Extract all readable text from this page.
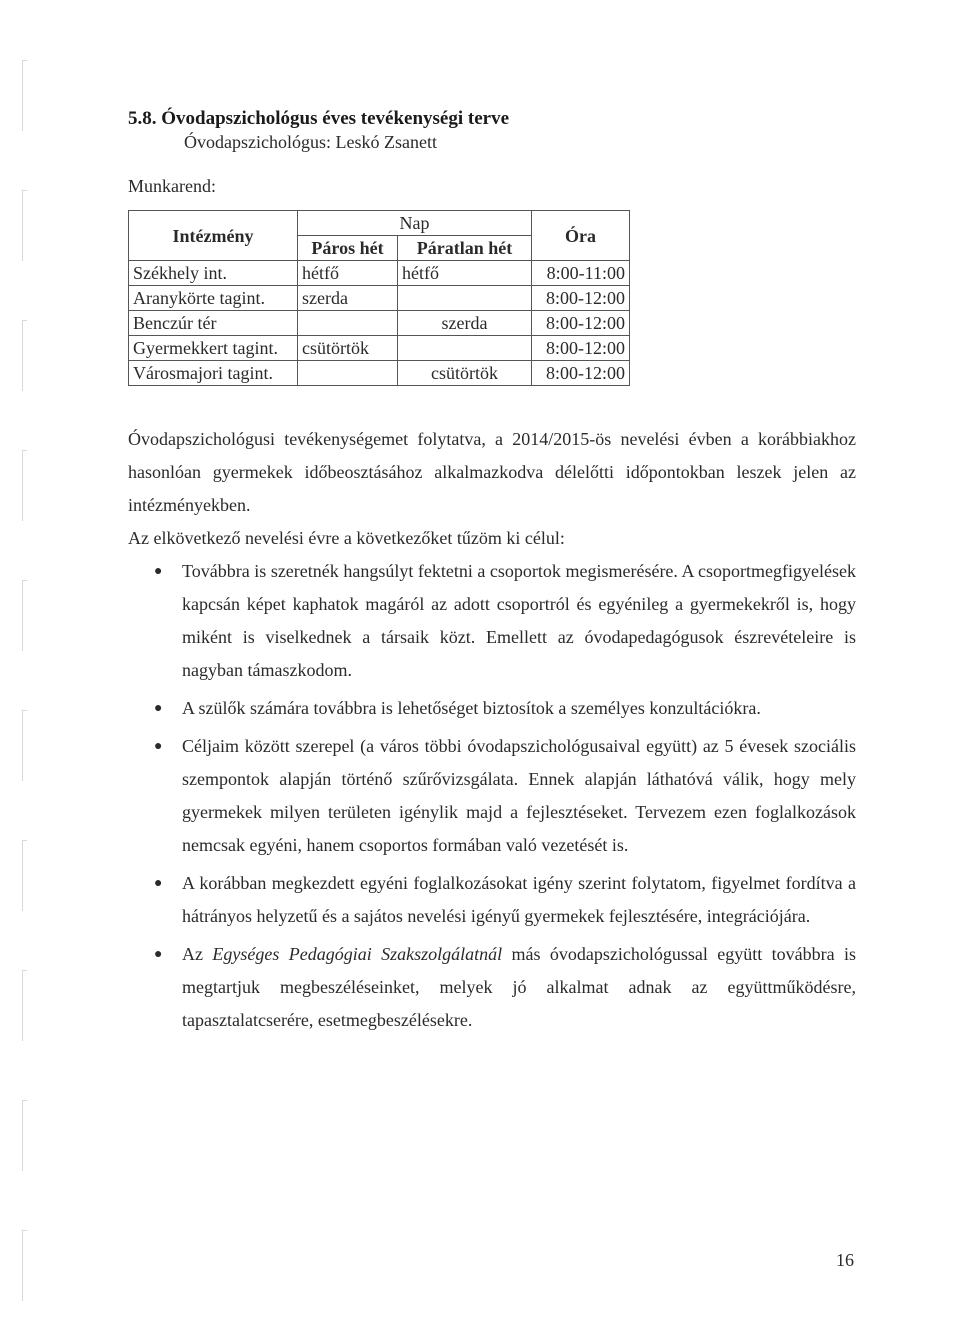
5.8. Óvodapszichológus éves tevékenységi terve
Óvodapszichológus: Leskó Zsanett
Munkarend:
Intézmény	Nap		Óra
	Páros hét	Páratlan hét	
Székhely int.	hétfő	hétfő	8:00-11:00
Aranykörte tagint.	szerda		8:00-12:00
Benczúr tér		szerda	8:00-12:00
Gyermekkert tagint.	csütörtök		8:00-12:00
Városmajori tagint.		csütörtök	8:00-12:00
Óvodapszichológusi tevékenységemet folytatva, a 2014/2015-ös nevelési évben a korábbiakhoz hasonlóan gyermekek időbeosztásához alkalmazkodva délelőtti időpontokban leszek jelen az intézményekben.
Az elkövetkező nevelési évre a következőket tűzöm ki célul:
● Továbbra is szeretnék hangsúlyt fektetni a csoportok megismerésére. A csoportmegfigyelések kapcsán képet kaphatok magáról az adott csoportról és egyénileg a gyermekekről is, hogy miként is viselkednek a társaik közt. Emellett az óvodapedagógusok észrevételeire is nagyban támaszkodom.
● A szülők számára továbbra is lehetőséget biztosítok a személyes konzultációkra.
● Céljaim között szerepel (a város többi óvodapszichológusaival együtt) az 5 évesek szociális szempontok alapján történő szűrővizsgálata. Ennek alapján láthatóvá válik, hogy mely gyermekek milyen területen igénylik majd a fejlesztéseket. Tervezem ezen foglalkozások nemcsak egyéni, hanem csoportos formában való vezetését is.
● A korábban megkezdett egyéni foglalkozásokat igény szerint folytatom, figyelmet fordítva a hátrányos helyzetű és a sajátos nevelési igényű gyermekek fejlesztésére, integrációjára.
● Az Egységes Pedagógiai Szakszolgálatnál más óvodapszichológussal együtt továbbra is megtartjuk megbeszéléseinket, melyek jó alkalmat adnak az együttműködésre, tapasztalatcserére, esetmegbeszélésekre.
16
